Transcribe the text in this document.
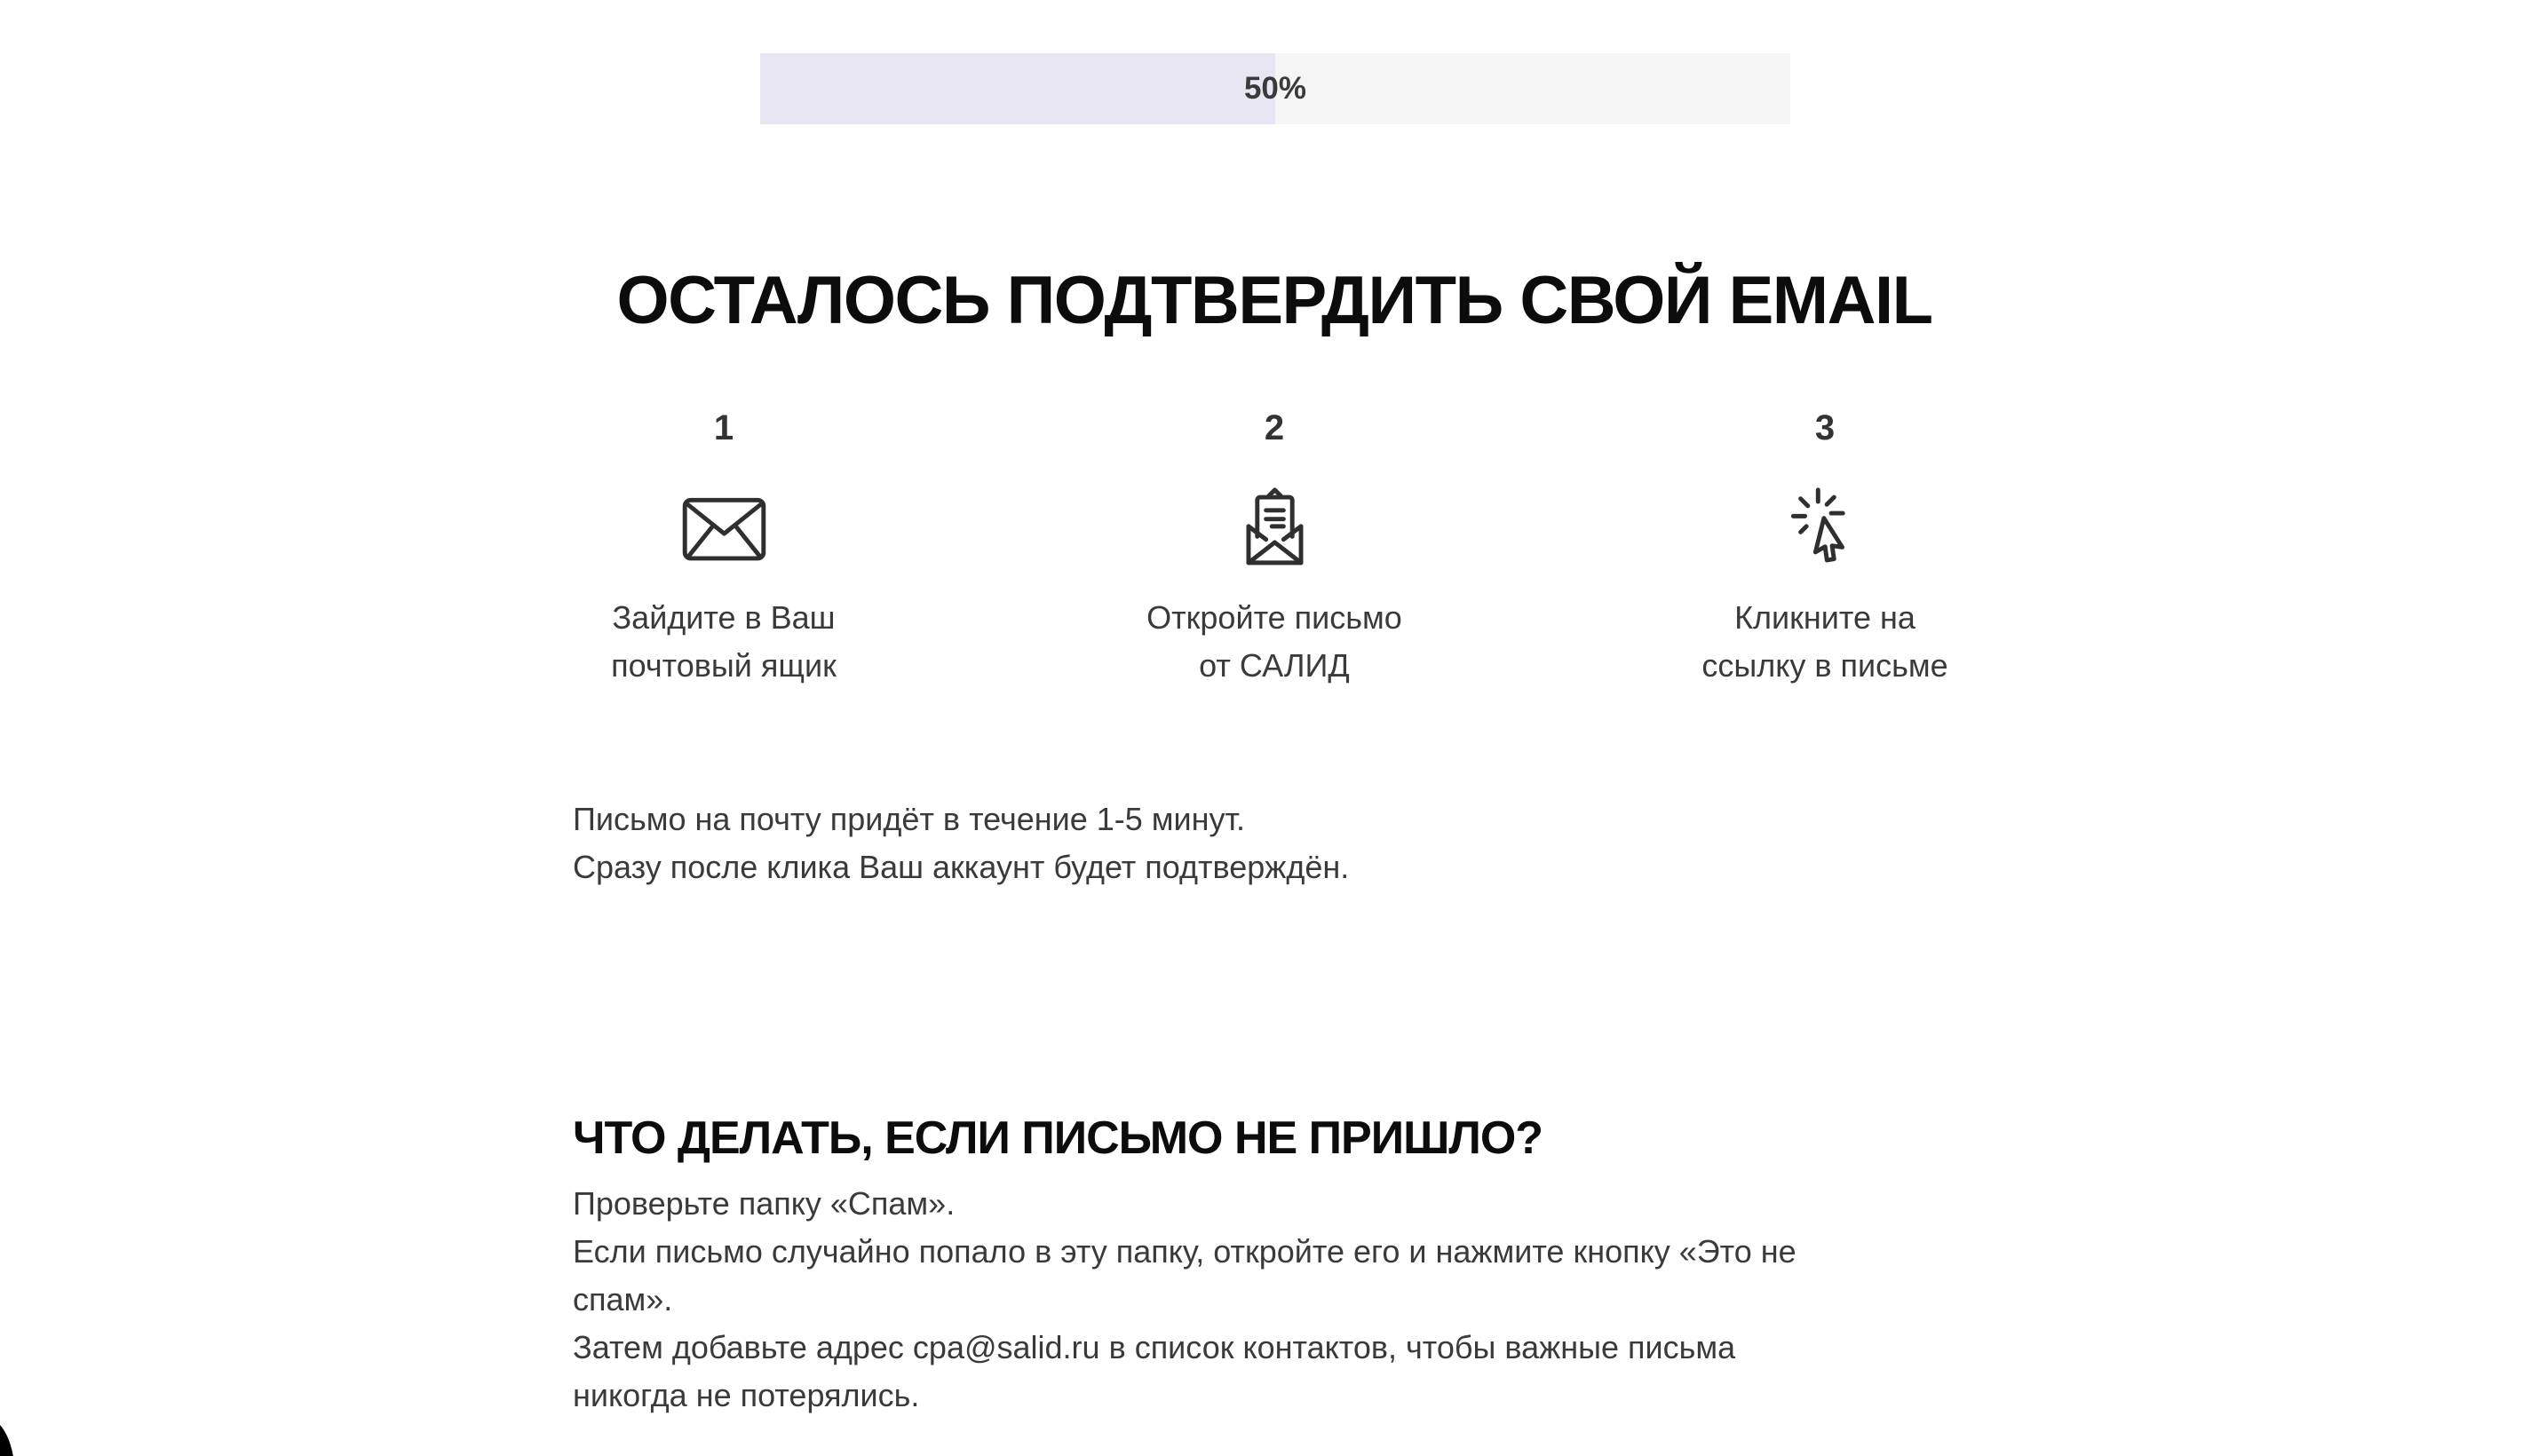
50%
ОСТАЛОСЬ ПОДТВЕРДИТЬ СВОЙ EMAIL
1
Зайдите в Ваш
почтовый ящик
2
Откройте письмо
от САЛИД
3
Кликните на
ссылку в письме
Письмо на почту придёт в течение 1-5 минут.
Сразу после клика Ваш аккаунт будет подтверждён.
ЧТО ДЕЛАТЬ, ЕСЛИ ПИСЬМО НЕ ПРИШЛО?
Проверьте папку «Спам».
Если письмо случайно попало в эту папку, откройте его и нажмите кнопку «Это не
спам».
Затем добавьте адрес cpa@salid.ru в список контактов, чтобы важные письма
никогда не потерялись.
